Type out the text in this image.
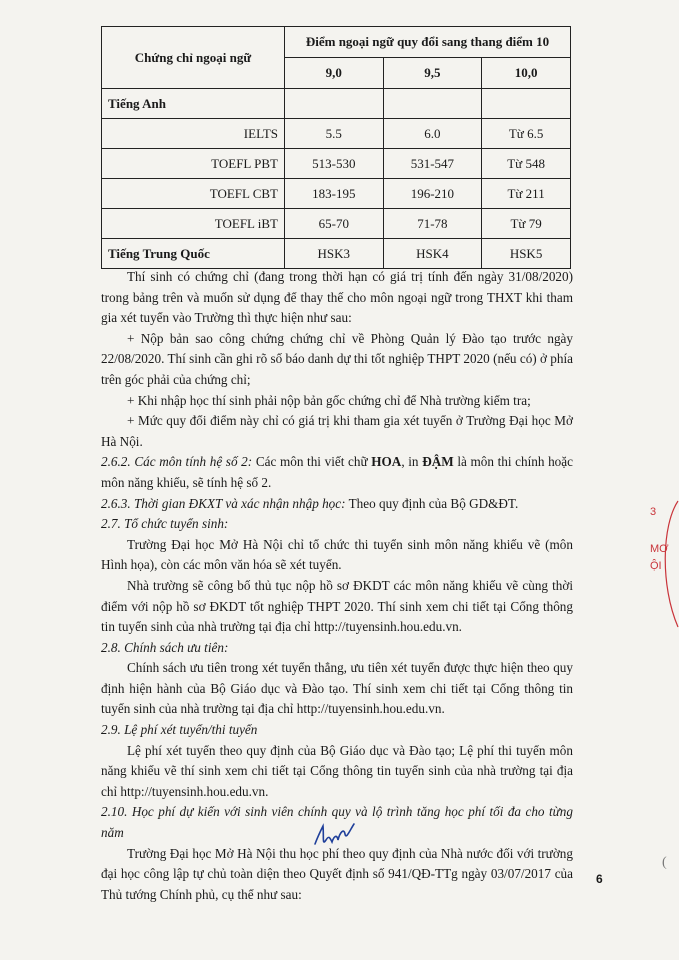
Chứng chỉ ngoại ngữ	Điểm ngoại ngữ quy đổi sang thang điểm 10		
	9,0	9,5	10,0
Tiếng Anh			
IELTS	5.5	6.0	Từ 6.5
TOEFL PBT	513-530	531-547	Từ 548
TOEFL CBT	183-195	196-210	Từ 211
TOEFL iBT	65-70	71-78	Từ 79
Tiếng Trung Quốc	HSK3	HSK4	HSK5

Thí sinh có chứng chỉ (đang trong thời hạn có giá trị tính đến ngày 31/08/2020) trong bảng trên và muốn sử dụng để thay thế cho môn ngoại ngữ trong THXT khi tham gia xét tuyển vào Trường thì thực hiện như sau:

+ Nộp bản sao công chứng chứng chỉ về Phòng Quản lý Đào tạo trước ngày 22/08/2020. Thí sinh cần ghi rõ số báo danh dự thi tốt nghiệp THPT 2020 (nếu có) ở phía trên góc phải của chứng chỉ;

+ Khi nhập học thí sinh phải nộp bản gốc chứng chỉ để Nhà trường kiểm tra;

+ Mức quy đổi điểm này chỉ có giá trị khi tham gia xét tuyển ở Trường Đại học Mở Hà Nội.

2.6.2. Các môn tính hệ số 2: Các môn thi viết chữ HOA, in ĐẬM là môn thi chính hoặc môn năng khiếu, sẽ tính hệ số 2.

2.6.3. Thời gian ĐKXT và xác nhận nhập học: Theo quy định của Bộ GD&ĐT.

2.7. Tổ chức tuyển sinh:

Trường Đại học Mở Hà Nội chỉ tổ chức thi tuyển sinh môn năng khiếu vẽ (môn Hình họa), còn các môn văn hóa sẽ xét tuyển.

Nhà trường sẽ công bố thủ tục nộp hồ sơ ĐKDT các môn năng khiếu vẽ cùng thời điểm với nộp hồ sơ ĐKDT tốt nghiệp THPT 2020. Thí sinh xem chi tiết tại Cổng thông tin tuyển sinh của nhà trường tại địa chỉ http://tuyensinh.hou.edu.vn.

2.8. Chính sách ưu tiên:

Chính sách ưu tiên trong xét tuyển thẳng, ưu tiên xét tuyển được thực hiện theo quy định hiện hành của Bộ Giáo dục và Đào tạo. Thí sinh xem chi tiết tại Cổng thông tin tuyển sinh của nhà trường tại địa chỉ http://tuyensinh.hou.edu.vn.

2.9. Lệ phí xét tuyển/thi tuyển

Lệ phí xét tuyển theo quy định của Bộ Giáo dục và Đào tạo; Lệ phí thi tuyển môn năng khiếu vẽ thí sinh xem chi tiết tại Cổng thông tin tuyển sinh của nhà trường tại địa chỉ http://tuyensinh.hou.edu.vn.

2.10. Học phí dự kiến với sinh viên chính quy và lộ trình tăng học phí tối đa cho từng năm

Trường Đại học Mở Hà Nội thu học phí theo quy định của Nhà nước đối với trường đại học công lập tự chủ toàn diện theo Quyết định số 941/QĐ-TTg ngày 03/07/2017 của Thủ tướng Chính phủ, cụ thể như sau:

3
MƠ
ỘI
(
6
